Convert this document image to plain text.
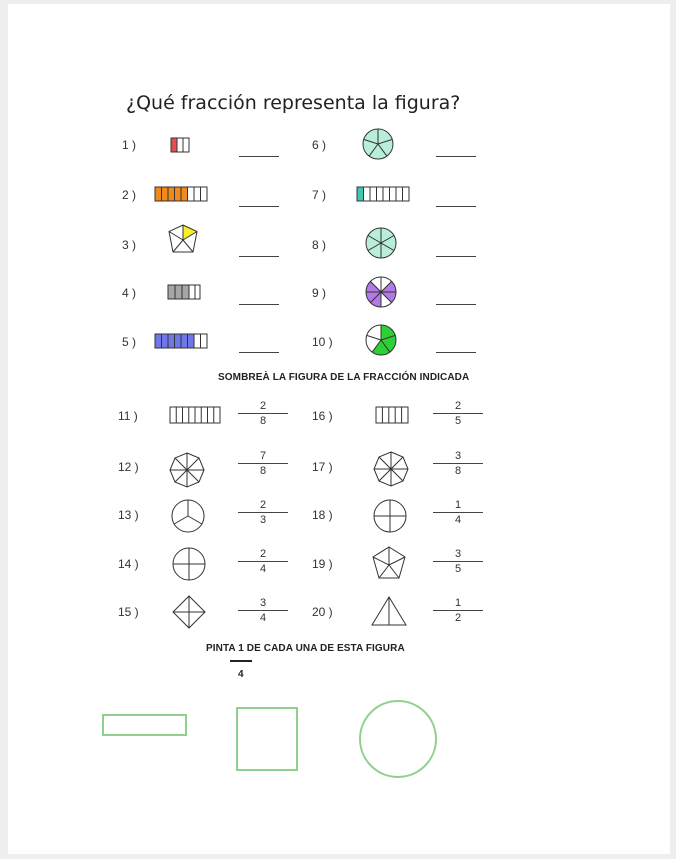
¿Qué fracción representa la figura?
1 )
2 )
3 )
4 )
5 )
6 )
7 )
8 )
9 )
10 )
SOMBREÀ LA FIGURA DE LA FRACCIÓN INDICADA
11 )
12 )
13 )
14 )
15 )
16 )
17 )
18 )
19 )
20 )
2
8
7
8
2
3
2
4
3
4
2
5
3
8
1
4
3
5
1
2
PINTA 1 DE CADA UNA DE ESTA FIGURA
4
